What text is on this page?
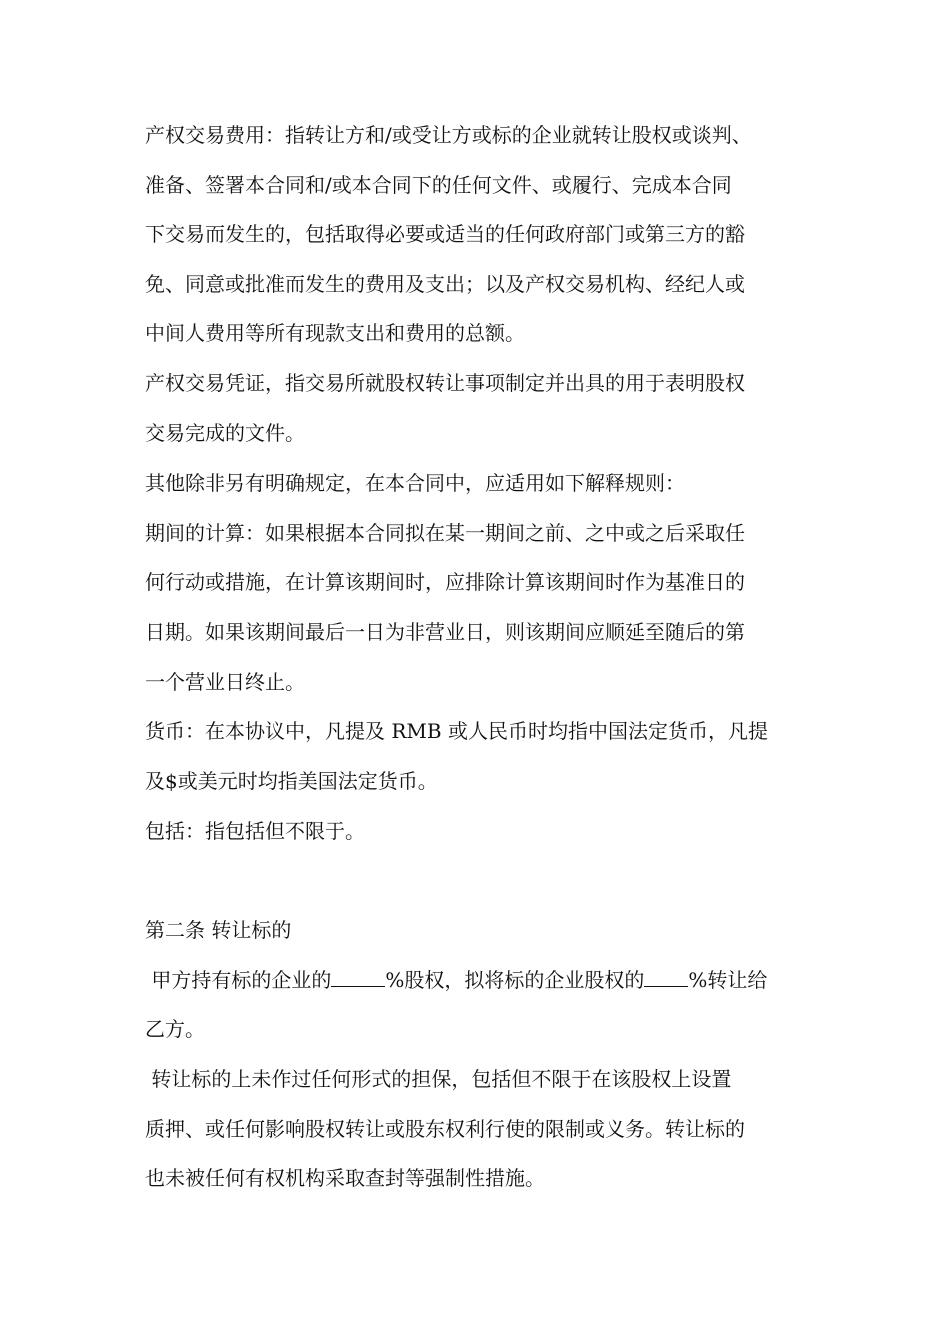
产权交易费用：指转让方和/或受让方或标的企业就转让股权或谈判、
准备、签署本合同和/或本合同下的任何文件、或履行、完成本合同
下交易而发生的，包括取得必要或适当的任何政府部门或第三方的豁
免、同意或批准而发生的费用及支出；以及产权交易机构、经纪人或
中间人费用等所有现款支出和费用的总额。
产权交易凭证，指交易所就股权转让事项制定并出具的用于表明股权
交易完成的文件。
其他除非另有明确规定，在本合同中，应适用如下解释规则：
期间的计算：如果根据本合同拟在某一期间之前、之中或之后采取任
何行动或措施，在计算该期间时，应排除计算该期间时作为基准日的
日期。如果该期间最后一日为非营业日，则该期间应顺延至随后的第
一个营业日终止。
货币：在本协议中，凡提及 RMB 或人民币时均指中国法定货币，凡提
及$或美元时均指美国法定货币。
包括：指包括但不限于。
第二条 转让标的
甲方持有标的企业的	%股权，拟将标的企业股权的 %转让给
乙方。
转让标的上未作过任何形式的担保，包括但不限于在该股权上设置
质押、或任何影响股权转让或股东权利行使的限制或义务。转让标的
也未被任何有权机构采取查封等强制性措施。
